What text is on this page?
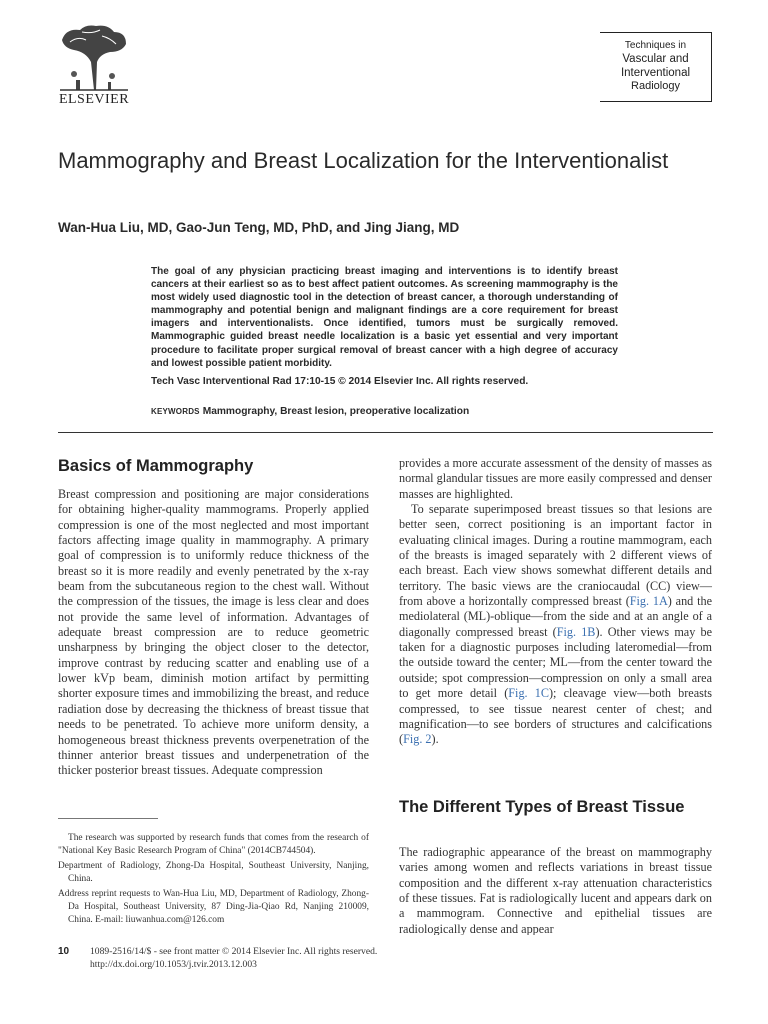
ELSEVIER
Techniques in
Vascular and
Interventional
Radiology
Mammography and Breast Localization for the Interventionalist
Wan-Hua Liu, MD, Gao-Jun Teng, MD, PhD, and Jing Jiang, MD
The goal of any physician practicing breast imaging and interventions is to identify breast cancers at their earliest so as to best affect patient outcomes. As screening mammography is the most widely used diagnostic tool in the detection of breast cancer, a thorough understanding of mammography and potential benign and malignant findings are a core requirement for breast imagers and interventionalists. Once identified, tumors must be surgically removed. Mammographic guided breast needle localization is a basic yet essential and very important procedure to facilitate proper surgical removal of breast cancer with a high degree of accuracy and lowest possible patient morbidity.
Tech Vasc Interventional Rad 17:10-15 © 2014 Elsevier Inc. All rights reserved.
KEYWORDS Mammography, Breast lesion, preoperative localization
Basics of Mammography

Breast compression and positioning are major considerations for obtaining higher-quality mammograms. Properly applied compression is one of the most neglected and most important factors affecting image quality in mammography. A primary goal of compression is to uniformly reduce thickness of the breast so it is more readily and evenly penetrated by the x-ray beam from the subcutaneous region to the chest wall. Without the compression of the tissues, the image is less clear and does not provide the same level of information. Advantages of adequate breast compression are to reduce geometric unsharpness by bringing the object closer to the detector, improve contrast by reducing scatter and enabling use of a lower kVp beam, diminish motion artifact by permitting shorter exposure times and immobilizing the breast, and reduce radiation dose by decreasing the thickness of breast tissue that needs to be penetrated. To achieve more uniform density, a homogeneous breast thickness prevents overpenetration of the thinner anterior breast tissues and underpenetration of the thicker posterior breast tissues. Adequate compression

provides a more accurate assessment of the density of masses as normal glandular tissues are more easily compressed and denser masses are highlighted.

To separate superimposed breast tissues so that lesions are better seen, correct positioning is an important factor in evaluating clinical images. During a routine mammogram, each of the breasts is imaged separately with 2 different views of each breast. Each view shows somewhat different details and territory. The basic views are the craniocaudal (CC) view—from above a horizontally compressed breast (Fig. 1A) and the mediolateral (ML)-oblique—from the side and at an angle of a diagonally compressed breast (Fig. 1B). Other views may be taken for a diagnostic purposes including lateromedial—from the outside toward the center; ML—from the center toward the outside; spot compression—compression on only a small area to get more detail (Fig. 1C); cleavage view—both breasts compressed, to see tissue nearest center of chest; and magnification—to see borders of structures and calcifications (Fig. 2).

The Different Types of Breast Tissue

The radiographic appearance of the breast on mammography varies among women and reflects variations in breast tissue composition and the different x-ray attenuation characteristics of these tissues. Fat is radiologically lucent and appears dark on a mammogram. Connective and epithelial tissues are radiologically dense and appear

The research was supported by research funds that comes from the research of "National Key Basic Research Program of China" (2014CB744504).

Department of Radiology, Zhong-Da Hospital, Southeast University, Nanjing, China.

Address reprint requests to Wan-Hua Liu, MD, Department of Radiology, Zhong-Da Hospital, Southeast University, 87 Ding-Jia-Qiao Rd, Nanjing 210009, China. E-mail: liuwanhua.com@126.com

10 1089-2516/14/$ - see front matter © 2014 Elsevier Inc. All rights reserved.
http://dx.doi.org/10.1053/j.tvir.2013.12.003
